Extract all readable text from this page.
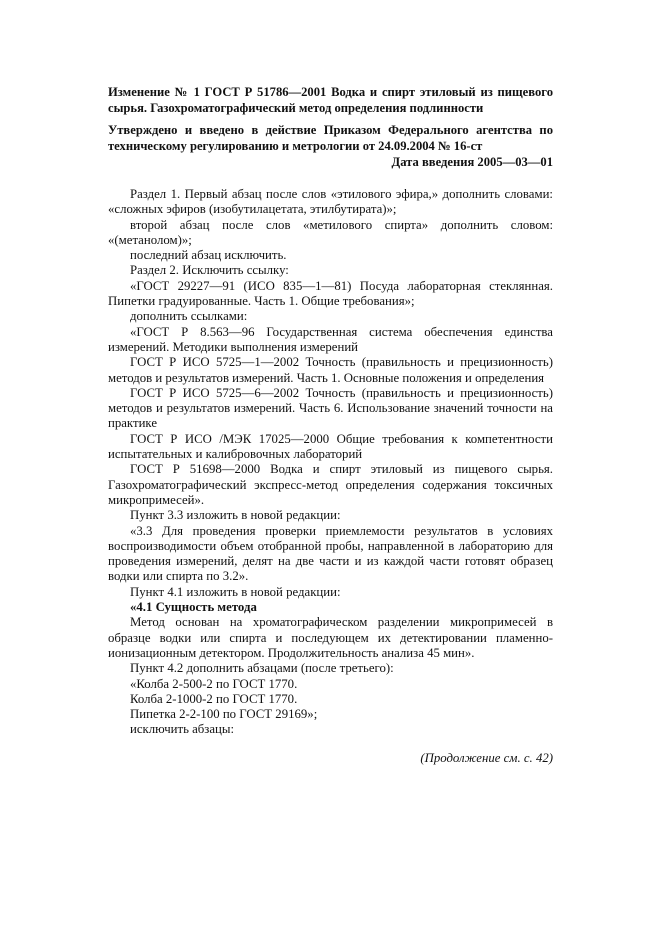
Изменение № 1 ГОСТ Р 51786—2001 Водка и спирт этиловый из пищевого сырья. Газохроматографический метод определения подлинности
Утверждено и введено в действие Приказом Федерального агентства по техническому регулированию и метрологии от 24.09.2004 № 16-ст
Дата введения 2005—03—01

Раздел 1. Первый абзац после слов «этилового эфира,» дополнить словами: «сложных эфиров (изобутилацетата, этилбутирата)»;

второй абзац после слов «метилового спирта» дополнить словом: «(метанолом)»;

последний абзац исключить.

Раздел 2. Исключить ссылку:

«ГОСТ 29227—91 (ИСО 835—1—81) Посуда лабораторная стеклянная. Пипетки градуированные. Часть 1. Общие требования»;

дополнить ссылками:

«ГОСТ Р 8.563—96 Государственная система обеспечения единства измерений. Методики выполнения измерений

ГОСТ Р ИСО 5725—1—2002 Точность (правильность и прецизионность) методов и результатов измерений. Часть 1. Основные положения и определения

ГОСТ Р ИСО 5725—6—2002 Точность (правильность и прецизионность) методов и результатов измерений. Часть 6. Использование значений точности на практике

ГОСТ Р ИСО /МЭК 17025—2000 Общие требования к компетентности испытательных и калибровочных лабораторий

ГОСТ Р 51698—2000 Водка и спирт этиловый из пищевого сырья. Газохроматографический экспресс-метод определения содержания токсичных микропримесей».

Пункт 3.3 изложить в новой редакции:

«3.3 Для проведения проверки приемлемости результатов в условиях воспроизводимости объем отобранной пробы, направленной в лабораторию для проведения измерений, делят на две части и из каждой части готовят образец водки или спирта по 3.2».

Пункт 4.1 изложить в новой редакции:

«4.1 Сущность метода

Метод основан на хроматографическом разделении микропримесей в образце водки или спирта и последующем их детектировании пламенно-ионизационным детектором. Продолжительность анализа 45 мин».

Пункт 4.2 дополнить абзацами (после третьего):

«Колба 2-500-2 по ГОСТ 1770.

Колба 2-1000-2 по ГОСТ 1770.

Пипетка 2-2-100 по ГОСТ 29169»;

исключить абзацы:

(Продолжение см. с. 42)
